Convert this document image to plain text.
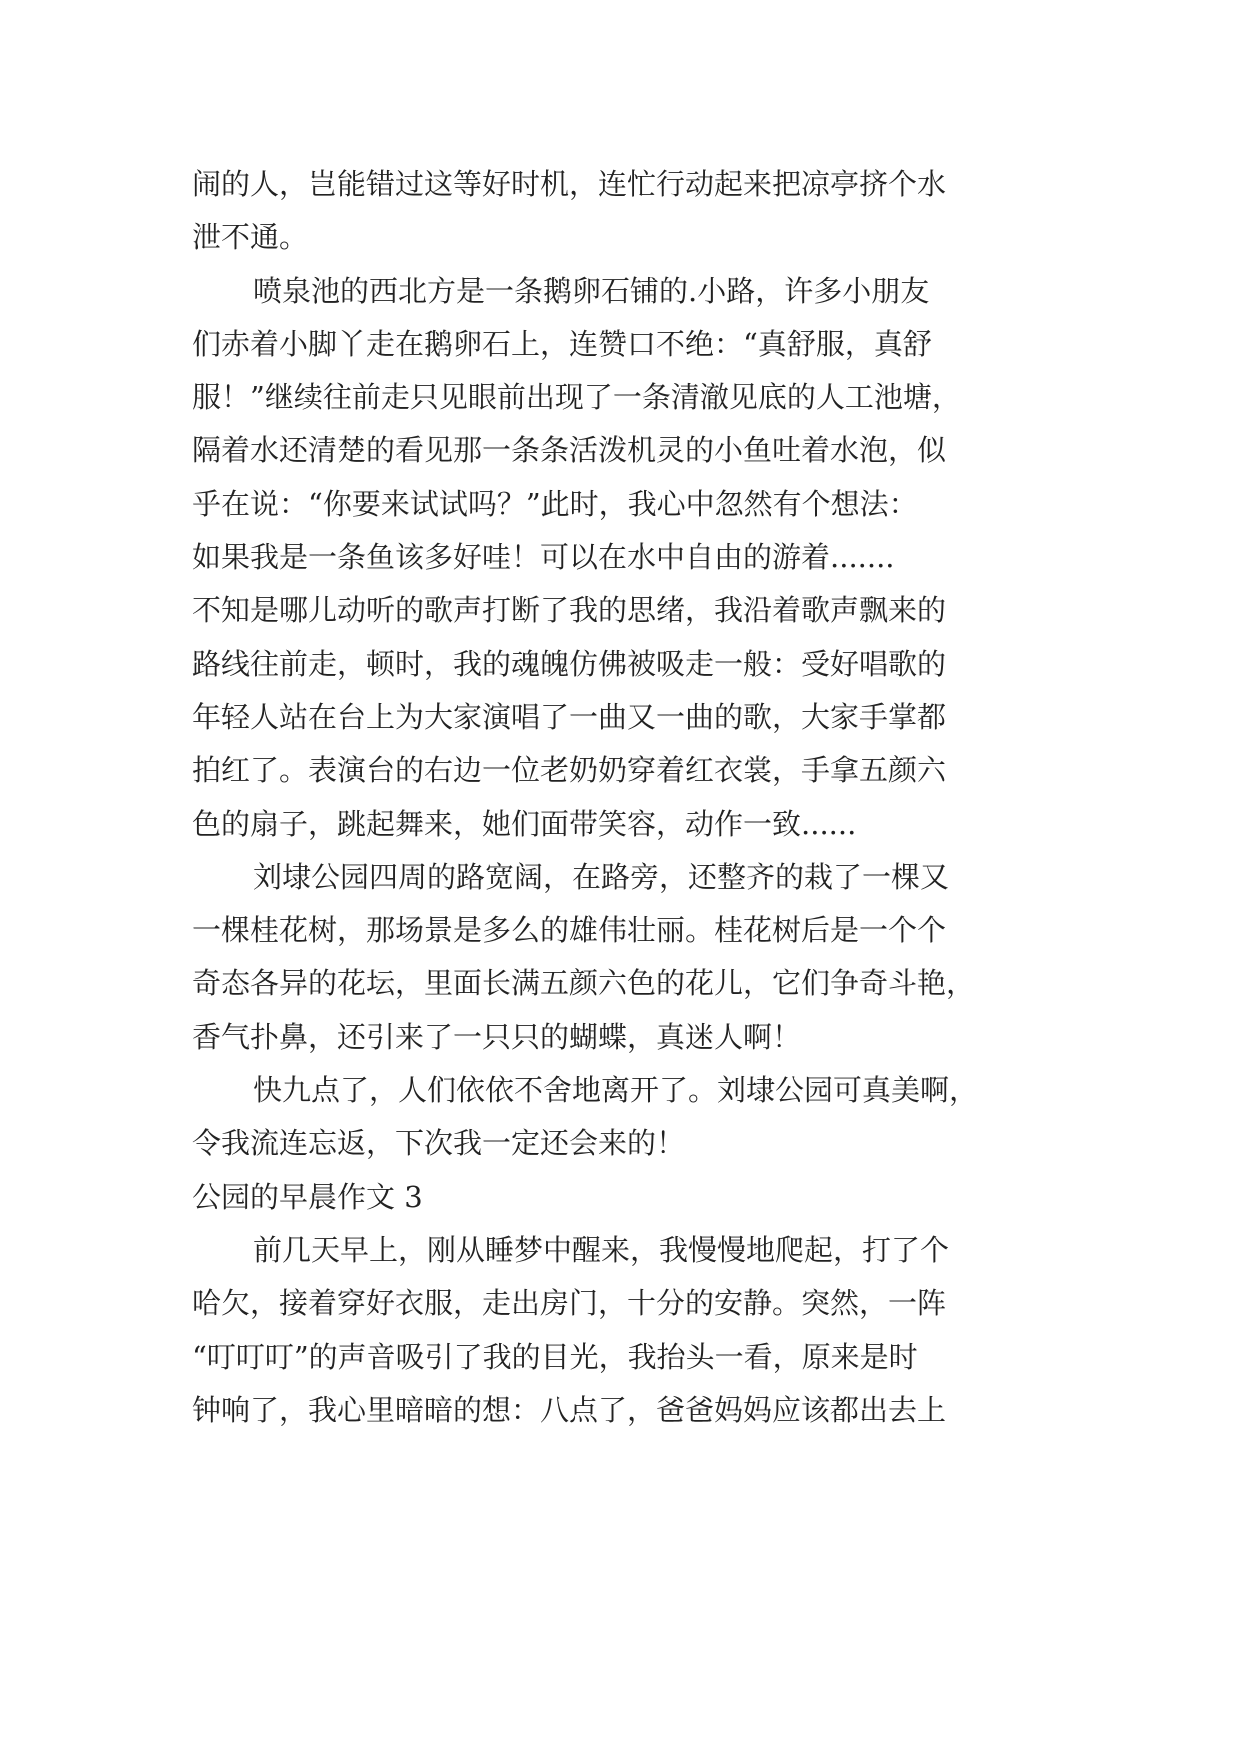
闹的人，岂能错过这等好时机，连忙行动起来把凉亭挤个水
泄不通。
喷泉池的西北方是一条鹅卵石铺的.小路，许多小朋友
们赤着小脚丫走在鹅卵石上，连赞口不绝：“真舒服，真舒
服！”继续往前走只见眼前出现了一条清澈见底的人工池塘，
隔着水还清楚的看见那一条条活泼机灵的小鱼吐着水泡，似
乎在说：“你要来试试吗？”此时，我心中忽然有个想法：
如果我是一条鱼该多好哇！可以在水中自由的游着.......
不知是哪儿动听的歌声打断了我的思绪，我沿着歌声飘来的
路线往前走，顿时，我的魂魄仿佛被吸走一般：受好唱歌的
年轻人站在台上为大家演唱了一曲又一曲的歌，大家手掌都
拍红了。表演台的右边一位老奶奶穿着红衣裳，手拿五颜六
色的扇子，跳起舞来，她们面带笑容，动作一致......
刘埭公园四周的路宽阔，在路旁，还整齐的栽了一棵又
一棵桂花树，那场景是多么的雄伟壮丽。桂花树后是一个个
奇态各异的花坛，里面长满五颜六色的花儿，它们争奇斗艳，
香气扑鼻，还引来了一只只的蝴蝶，真迷人啊！
快九点了，人们依依不舍地离开了。刘埭公园可真美啊，
令我流连忘返，下次我一定还会来的！
公园的早晨作文 3
前几天早上，刚从睡梦中醒来，我慢慢地爬起，打了个
哈欠，接着穿好衣服，走出房门，十分的安静。突然，一阵
“叮叮叮”的声音吸引了我的目光，我抬头一看，原来是时
钟响了，我心里暗暗的想：八点了，爸爸妈妈应该都出去上
